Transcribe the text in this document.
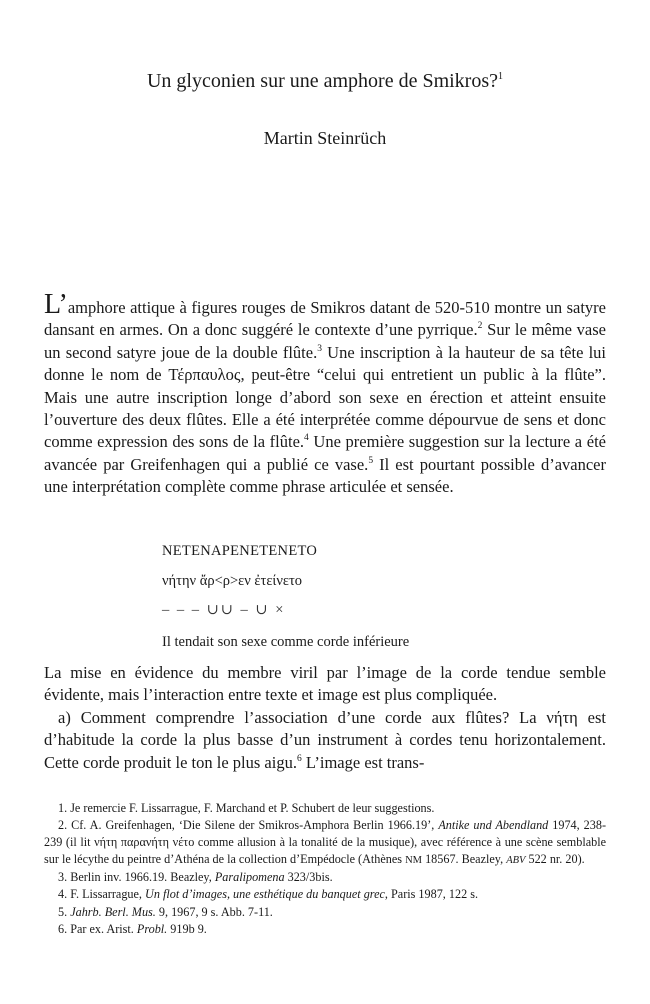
Un glyconien sur une amphore de Smikros?$^1$
Martin Steinrüch

L’amphore attique à figures rouges de Smikros datant de 520-510 montre un satyre dansant en armes. On a donc suggéré le contexte d’une pyrrique.$^2$ Sur le même vase un second satyre joue de la double flûte.$^3$ Une inscription à la hauteur de sa tête lui donne le nom de Τέρπαυλος, peut-être “celui qui entretient un public à la flûte”. Mais une autre inscription longe d’abord son sexe en érection et atteint ensuite l’ouverture des deux flûtes. Elle a été interprétée comme dépourvue de sens et donc comme expression des sons de la flûte.$^4$ Une première suggestion sur la lecture a été avancée par Greifenhagen qui a publié ce vase.$^5$ Il est pourtant possible d’avancer une interprétation complète comme phrase articulée et sensée.

NETENAPENETENETO
νήτην ἄρ<ρ>εν ἐτείνετο
– – – ∪∪ – ∪ ×
Il tendait son sexe comme corde inférieure

La mise en évidence du membre viril par l’image de la corde tendue semble évidente, mais l’interaction entre texte et image est plus compliquée.

a) Comment comprendre l’association d’une corde aux flûtes? La νήτη est d’habitude la corde la plus basse d’un instrument à cordes tenu horizontalement. Cette corde produit le ton le plus aigu.$^6$ L’image est trans-

1. Je remercie F. Lissarrague, F. Marchand et P. Schubert de leur suggestions.

2. Cf. A. Greifenhagen, ‘Die Silene der Smikros-Amphora Berlin 1966.19’, Antike und Abendland 1974, 238-239 (il lit νήτη παρανήτη νέτο comme allusion à la tonalité de la musique), avec référence à une scène semblable sur le lécythe du peintre d’Athéna de la collection d’Empédocle (Athènes NM 18567. Beazley, ABV 522 nr. 20).

3. Berlin inv. 1966.19. Beazley, Paralipomena 323/3bis.

4. F. Lissarrague, Un flot d’images, une esthétique du banquet grec, Paris 1987, 122 s.

5. Jahrb. Berl. Mus. 9, 1967, 9 s. Abb. 7-11.

6. Par ex. Arist. Probl. 919b 9.
